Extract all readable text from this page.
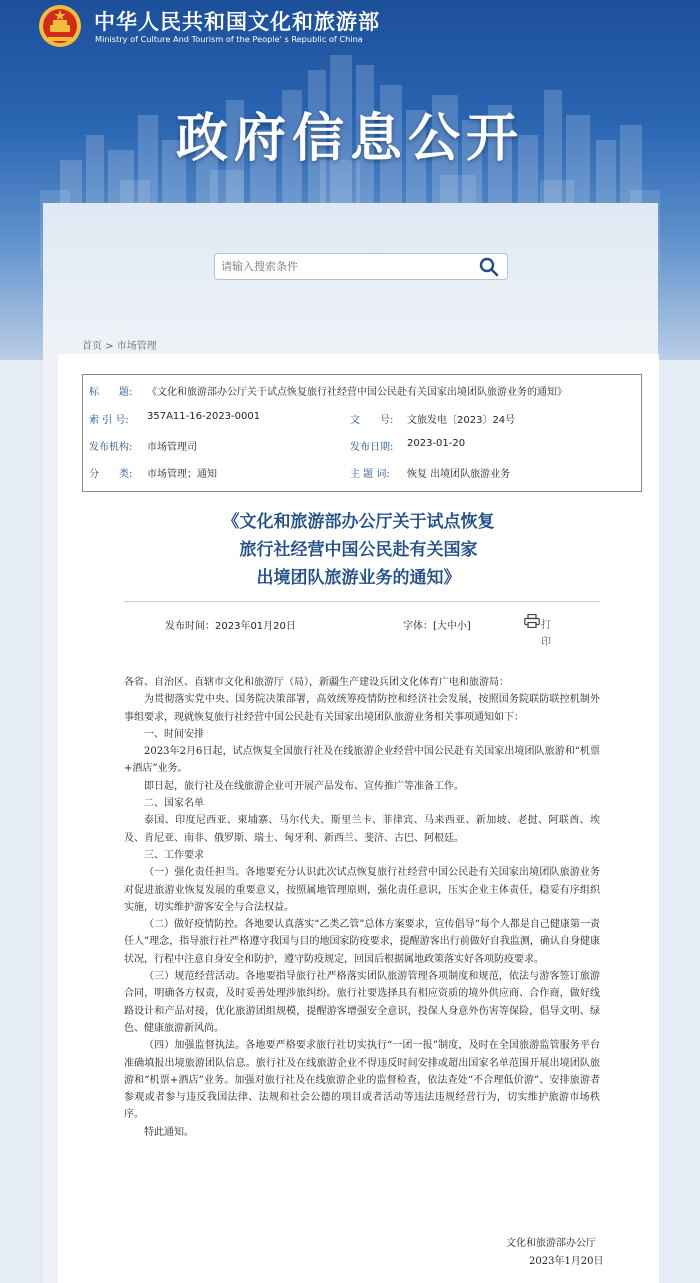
中华人民共和国文化和旅游部
Ministry of Culture And Tourism of the People' s Republic of China
政府信息公开
请输入搜索条件
首页 > 市场管理
标　　题: 《文化和旅游部办公厅关于试点恢复旅行社经营中国公民赴有关国家出境团队旅游业务的通知》
索 引 号: 357A11-16-2023-0001	文　　号: 文旅发电〔2023〕24号
发布机构: 市场管理司	发布日期: 2023-01-20
分　　类: 市场管理；通知	主 题 词: 恢复 出境团队旅游业务
《文化和旅游部办公厅关于试点恢复
旅行社经营中国公民赴有关国家
出境团队旅游业务的通知》
发布时间：2023年01月20日	字体：[大中小]	打印

各省、自治区、直辖市文化和旅游厅（局），新疆生产建设兵团文化体育广电和旅游局：

为贯彻落实党中央、国务院决策部署，高效统筹疫情防控和经济社会发展，按照国务院联防联控机制外事组要求，现就恢复旅行社经营中国公民赴有关国家出境团队旅游业务相关事项通知如下：

一、时间安排

2023年2月6日起，试点恢复全国旅行社及在线旅游企业经营中国公民赴有关国家出境团队旅游和“机票+酒店”业务。

即日起，旅行社及在线旅游企业可开展产品发布、宣传推广等准备工作。

二、国家名单

泰国、印度尼西亚、柬埔寨、马尔代夫、斯里兰卡、菲律宾、马来西亚、新加坡、老挝、阿联酋、埃及、肯尼亚、南非、俄罗斯、瑞士、匈牙利、新西兰、斐济、古巴、阿根廷。

三、工作要求

（一）强化责任担当。各地要充分认识此次试点恢复旅行社经营中国公民赴有关国家出境团队旅游业务对促进旅游业恢复发展的重要意义，按照属地管理原则，强化责任意识，压实企业主体责任，稳妥有序组织实施，切实维护游客安全与合法权益。

（二）做好疫情防控。各地要认真落实“乙类乙管”总体方案要求，宣传倡导“每个人都是自己健康第一责任人”理念，指导旅行社严格遵守我国与目的地国家防疫要求，提醒游客出行前做好自我监测，确认自身健康状况，行程中注意自身安全和防护，遵守防疫规定，回国后根据属地政策落实好各项防疫要求。

（三）规范经营活动。各地要指导旅行社严格落实团队旅游管理各项制度和规范，依法与游客签订旅游合同，明确各方权责，及时妥善处理涉旅纠纷。旅行社要选择具有相应资质的境外供应商、合作商，做好线路设计和产品对接，优化旅游团组规模，提醒游客增强安全意识，投保人身意外伤害等保险，倡导文明、绿色、健康旅游新风尚。

（四）加强监督执法。各地要严格要求旅行社切实执行“一团一报”制度，及时在全国旅游监管服务平台准确填报出境旅游团队信息。旅行社及在线旅游企业不得违反时间安排或超出国家名单范围开展出境团队旅游和“机票+酒店”业务。加强对旅行社及在线旅游企业的监督检查，依法查处“不合理低价游”、安排旅游者参观或者参与违反我国法律、法规和社会公德的项目或者活动等违法违规经营行为，切实维护旅游市场秩序。

特此通知。

文化和旅游部办公厅
2023年1月20日
